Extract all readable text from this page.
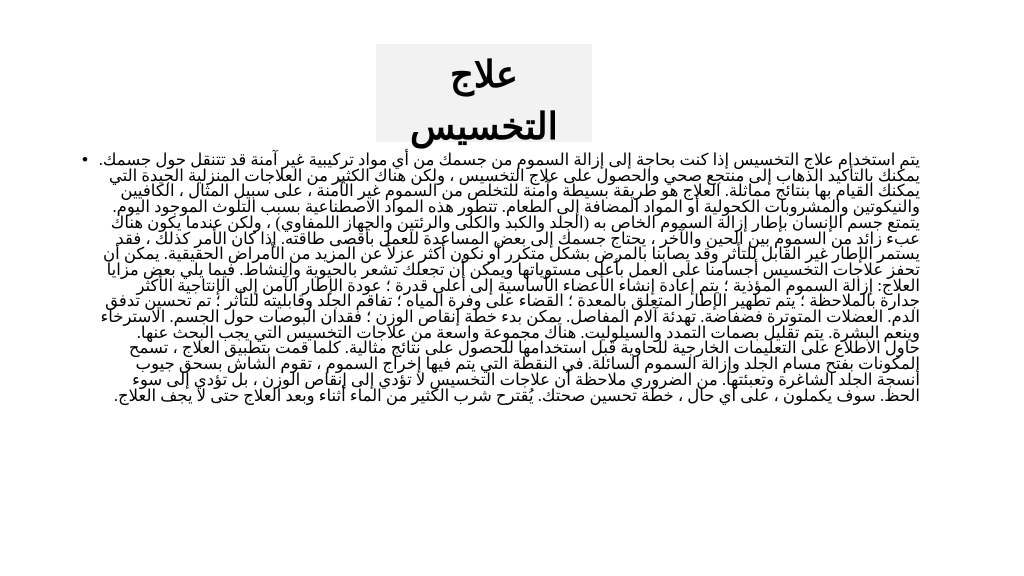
علاج التخسيس
• يتم استخدام علاج التخسيس إذا كنت بحاجة إلى إزالة السموم من جسمك من أي مواد تركيبية غير آمنة قد تتنقل حول جسمك. يمكنك بالتأكيد الذهاب إلى منتجع صحي والحصول على علاج التخسيس ، ولكن هناك الكثير من العلاجات المنزلية الجيدة التي يمكنك القيام بها بنتائج مماثلة. العلاج هو طريقة بسيطة وآمنة للتخلص من السموم غير الآمنة ، على سبيل المثال ، الكافيين والنيكوتين والمشروبات الكحولية أو المواد المضافة إلى الطعام. تتطور هذه المواد الاصطناعية بسبب التلوث الموجود اليوم. يتمتع جسم الإنسان بإطار إزالة السموم الخاص به (الجلد والكبد والكلى والرئتين والجهاز اللمفاوي) ، ولكن عندما يكون هناك عبء زائد من السموم بين الحين والآخر ، يحتاج جسمك إلى بعض المساعدة للعمل بأقصى طاقته. إذا كان الأمر كذلك ، فقد يستمر الإطار غير القابل للتأثر وقد يصابنا بالمرض بشكل متكرر أو نكون أكثر عزلاً عن المزيد من الأمراض الحقيقية. يمكن أن تحفز علاجات التخسيس أجسامنا على العمل بأعلى مستوياتها ويمكن أن تجعلك تشعر بالحيوية والنشاط. فيما يلي بعض مزايا العلاج: إزالة السموم المؤذية ؛ يتم إعادة إنشاء الأعضاء الأساسية إلى أعلى قدرة ؛ عودة الإطار الآمن إلى الإنتاجية الأكثر جدارة بالملاحظة ؛ يتم تطهير الإطار المتعلق بالمعدة ؛ القضاء على وفرة المياه ؛ تفاقم الجلد وقابليته للتأثر ؛ تم تحسين تدفق الدم. العضلات المتوترة فضفاضة. تهدئة آلام المفاصل. يمكن بدء خطة إنقاص الوزن ؛ فقدان البوصات حول الجسم. الاسترخاء وينعم البشرة. يتم تقليل بصمات التمدد والسيلوليت. هناك مجموعة واسعة من علاجات التخسيس التي يجب البحث عنها. حاول الاطلاع على التعليمات الخارجية للحاوية قبل استخدامها للحصول على نتائج مثالية. كلما قمت بتطبيق العلاج ، تسمح المكونات بفتح مسام الجلد وإزالة السموم السائلة. في النقطة التي يتم فيها إخراج السموم ، تقوم الشاش بسحق جيوب أنسجة الجلد الشاغرة وتعبئتها. من الضروري ملاحظة أن علاجات التخسيس لا تؤدي إلى إنقاص الوزن ، بل تؤدي إلى سوء الحظ. سوف يكملون ، على أي حال ، خطة تحسين صحتك. يُقترح شرب الكثير من الماء أثناء وبعد العلاج حتى لا يجف العلاج.
